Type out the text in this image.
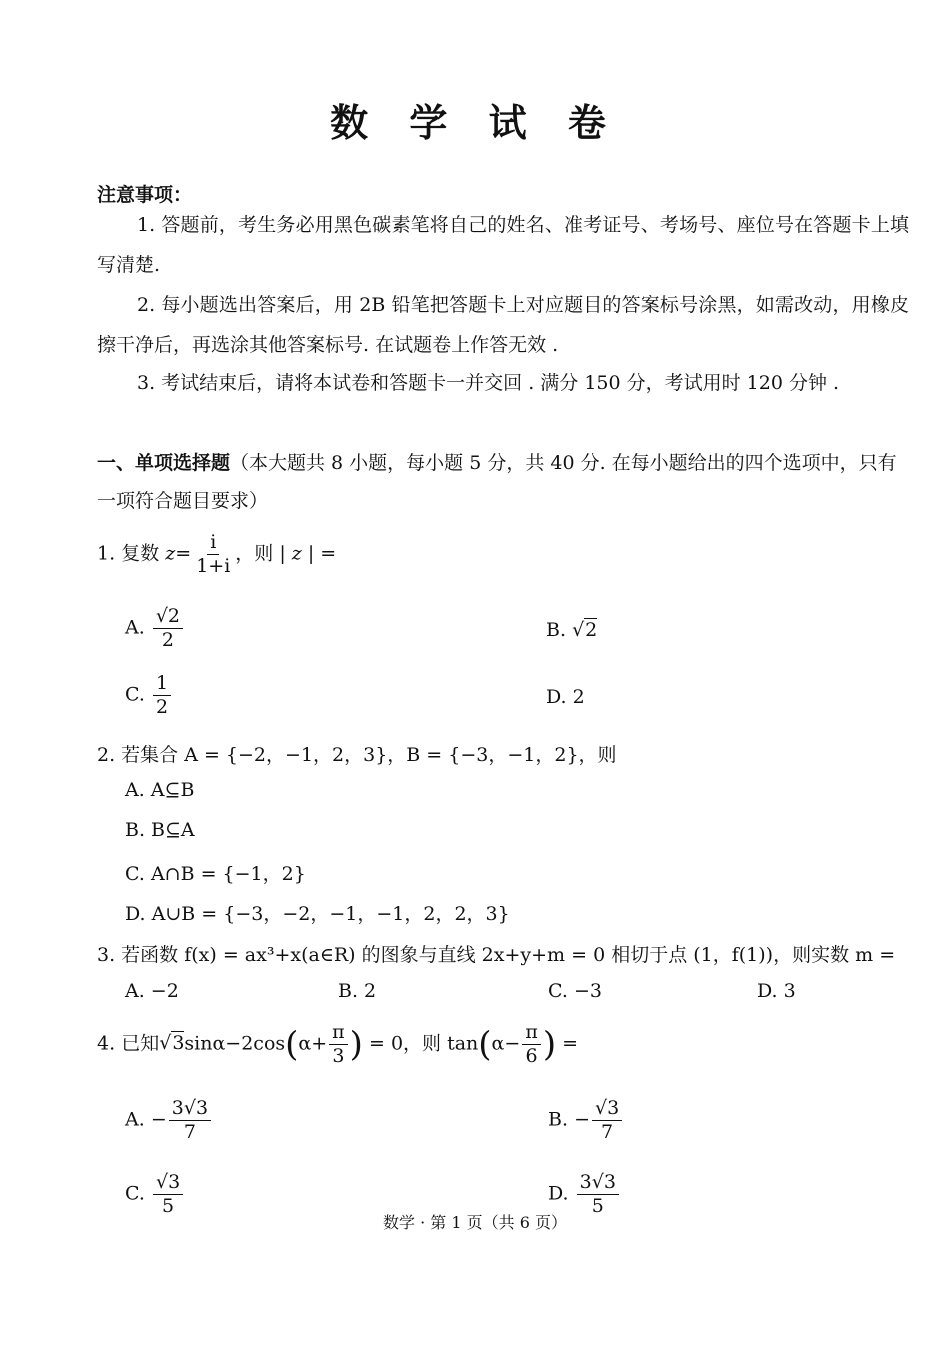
数 学 试 卷
注意事项：
1. 答题前，考生务必用黑色碳素笔将自己的姓名、准考证号、考场号、座位号在答题卡上填写清楚.
2. 每小题选出答案后，用 2B 铅笔把答题卡上对应题目的答案标号涂黑，如需改动，用橡皮擦干净后，再选涂其他答案标号. 在试题卷上作答无效 .
3. 考试结束后，请将本试卷和答题卡一并交回 . 满分 150 分，考试用时 120 分钟 .
一、单项选择题（本大题共 8 小题，每小题 5 分，共 40 分. 在每小题给出的四个选项中，只有一项符合题目要求）
1. 复数 $z= \frac{i}{1+i}$ ，则 | z | =
A. $\frac{√2}{2}$	B. √2
C. $\frac{1}{2}$	D. 2
2. 若集合 A = {−2，−1，2，3}，B = {−3，−1，2}，则
A. A⊆B
B. B⊆A
C. A∩B = {−1，2}
D. A∪B = {−3，−2，−1，−1，2，2，3}
3. 若函数 f(x) = ax³+x(a∈R) 的图象与直线 2x+y+m = 0 相切于点 (1，f(1))，则实数 m =
A. −2	B. 2	C. −3	D. 3
4. 已知$√3\sin\alpha-2\cos(\alpha+ \frac{\pi}{3}$ ) = 0，则 $\tan(\alpha- \frac{\pi}{6}$ ) =
A. − $\frac{3√3}{7}$	B. − $\frac{√3}{7}$
C. $\frac{√3}{5}$	D. $\frac{3√3}{5}$
数学 · 第 1 页（共 6 页）
